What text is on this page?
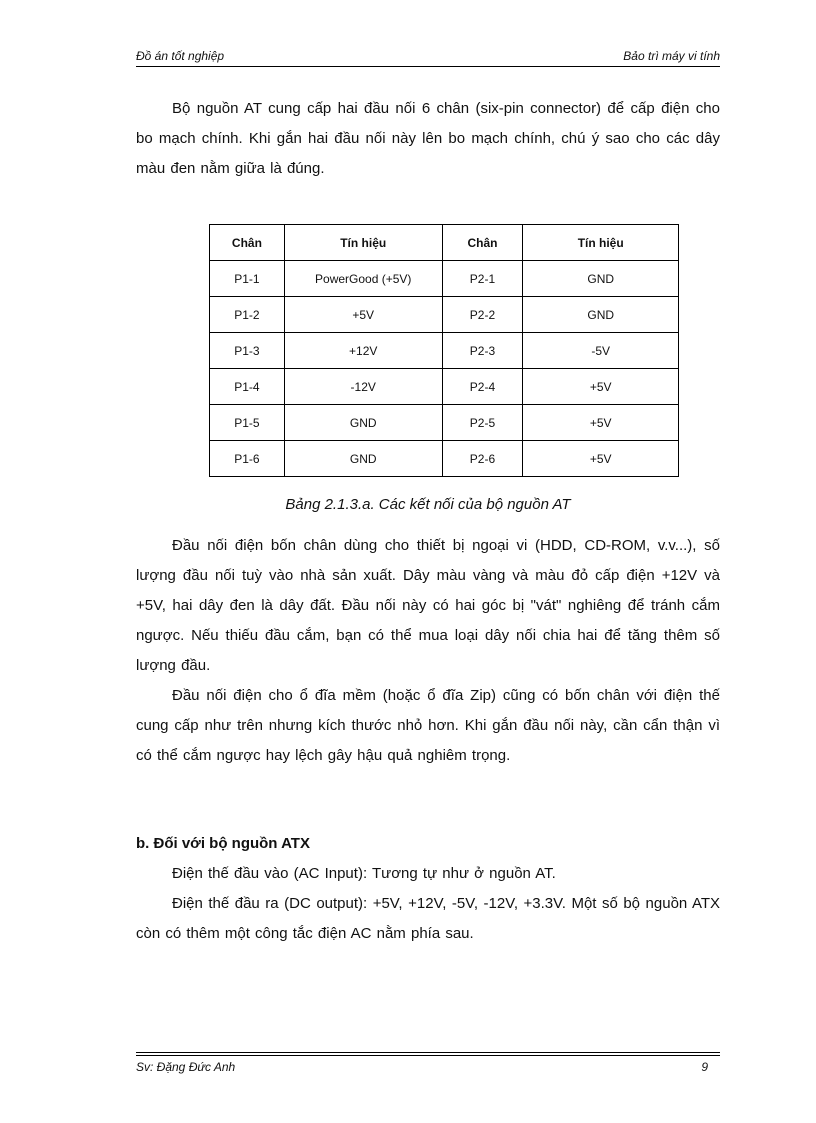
Đồ án tốt nghiệp	Bảo trì máy vi tính

Bộ nguồn AT cung cấp hai đầu nối 6 chân (six-pin connector) để cấp điện cho bo mạch chính. Khi gắn hai đầu nối này lên bo mạch chính, chú ý sao cho các dây màu đen nằm giữa là đúng.

Chân	Tín hiệu	Chân	Tín hiệu
P1-1	PowerGood (+5V)	P2-1	GND
P1-2	+5V	P2-2	GND
P1-3	+12V	P2-3	-5V
P1-4	-12V	P2-4	+5V
P1-5	GND	P2-5	+5V
P1-6	GND	P2-6	+5V
Bảng 2.1.3.a. Các kết nối của bộ nguồn AT

Đầu nối điện bốn chân dùng cho thiết bị ngoại vi (HDD, CD-ROM, v.v...), số lượng đầu nối tuỳ vào nhà sản xuất. Dây màu vàng và màu đỏ cấp điện +12V và +5V, hai dây đen là dây đất. Đầu nối này có hai góc bị "vát" nghiêng để tránh cắm ngược. Nếu thiếu đầu cắm, bạn có thể mua loại dây nối chia hai để tăng thêm số lượng đầu.

Đầu nối điện cho ổ đĩa mềm (hoặc ổ đĩa Zip) cũng có bốn chân với điện thế cung cấp như trên nhưng kích thước nhỏ hơn. Khi gắn đầu nối này, cần cẩn thận vì có thể cắm ngược hay lệch gây hậu quả nghiêm trọng.

b. Đối với bộ nguồn ATX

Điện thế đầu vào (AC Input): Tương tự như ở nguồn AT.

Điện thế đầu ra (DC output): +5V, +12V, -5V, -12V, +3.3V. Một số bộ nguồn ATX còn có thêm một công tắc điện AC nằm phía sau.

Sv: Đặng Đức Anh	9
